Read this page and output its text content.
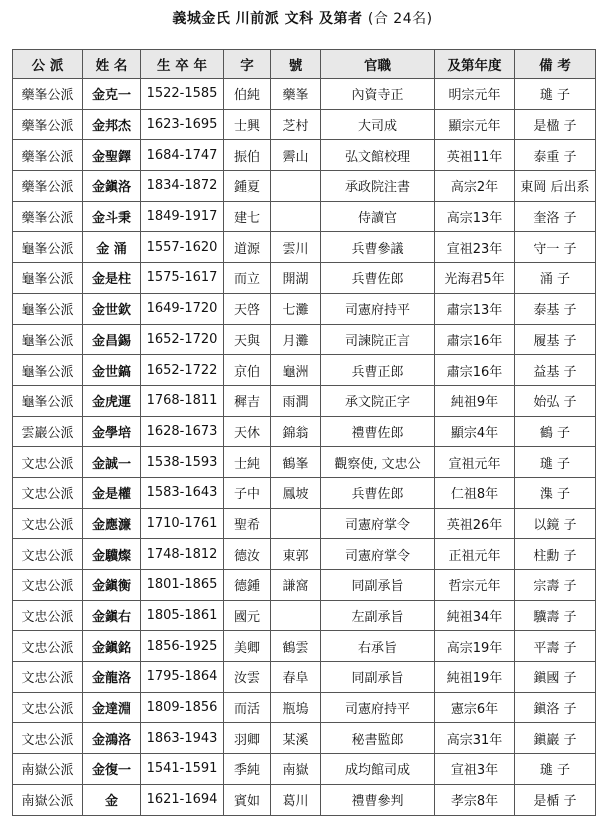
義城金氏 川前派 文科 及第者 (合 24名)
公 派	姓 名	生 卒 年	字	號	官職	及第年度	備 考
藥峯公派	金克一	1522-1585	伯純	藥峯	內資寺正	明宗元年	璡 子
藥峯公派	金邦杰	1623-1695	士興	芝村	大司成	顯宗元年	是楹 子
藥峯公派	金聖鐸	1684-1747	振伯	霽山	弘文館校理	英祖11年	泰重 子
藥峯公派	金鎭洛	1834-1872	鍾夏		承政院注書	高宗2年	東岡 后出系
藥峯公派	金斗秉	1849-1917	建七		侍讀官	高宗13年	奎洛 子
龜峯公派	金 涌	1557-1620	道源	雲川	兵曹參議	宣祖23年	守一 子
龜峯公派	金是柱	1575-1617	而立	開湖	兵曹佐郎	光海君5年	涌 子
龜峯公派	金世欽	1649-1720	天啓	七灘	司憲府持平	肅宗13年	泰基 子
龜峯公派	金昌錫	1652-1720	天與	月灘	司諫院正言	肅宗16年	履基 子
龜峯公派	金世鎬	1652-1722	京伯	龜洲	兵曹正郎	肅宗16年	益基 子
龜峯公派	金虎運	1768-1811	穉吉	雨澗	承文院正字	純祖9年	始弘 子
雲巖公派	金學培	1628-1673	天休	錦翁	禮曹佐郎	顯宗4年	鶴 子
文忠公派	金誠一	1538-1593	士純	鶴峯	觀察使, 文忠公	宣祖元年	璡 子
文忠公派	金是權	1583-1643	子中	鳳坡	兵曹佐郎	仁祖8年	潗 子
文忠公派	金應濂	1710-1761	聖希		司憲府掌令	英祖26年	以鏡 子
文忠公派	金驥燦	1748-1812	德汝	東郭	司憲府掌令	正祖元年	柱勳 子
文忠公派	金鎭衡	1801-1865	德鍾	謙窩	同副承旨	哲宗元年	宗壽 子
文忠公派	金鎭右	1805-1861	國元		左副承旨	純祖34年	驥壽 子
文忠公派	金鎭銘	1856-1925	美卿	鶴雲	右承旨	高宗19年	平壽 子
文忠公派	金龍洛	1795-1864	汝雲	春阜	同副承旨	純祖19年	鎭國 子
文忠公派	金達淵	1809-1856	而活	瓶塢	司憲府持平	憲宗6年	鎭洛 子
文忠公派	金鴻洛	1863-1943	羽卿	某溪	秘書監郎	高宗31年	鎭巖 子
南嶽公派	金復一	1541-1591	季純	南嶽	成均館司成	宣祖3年	璡 子
南嶽公派	金	1621-1694	賓如	葛川	禮曹參判	孝宗8年	是楯 子
